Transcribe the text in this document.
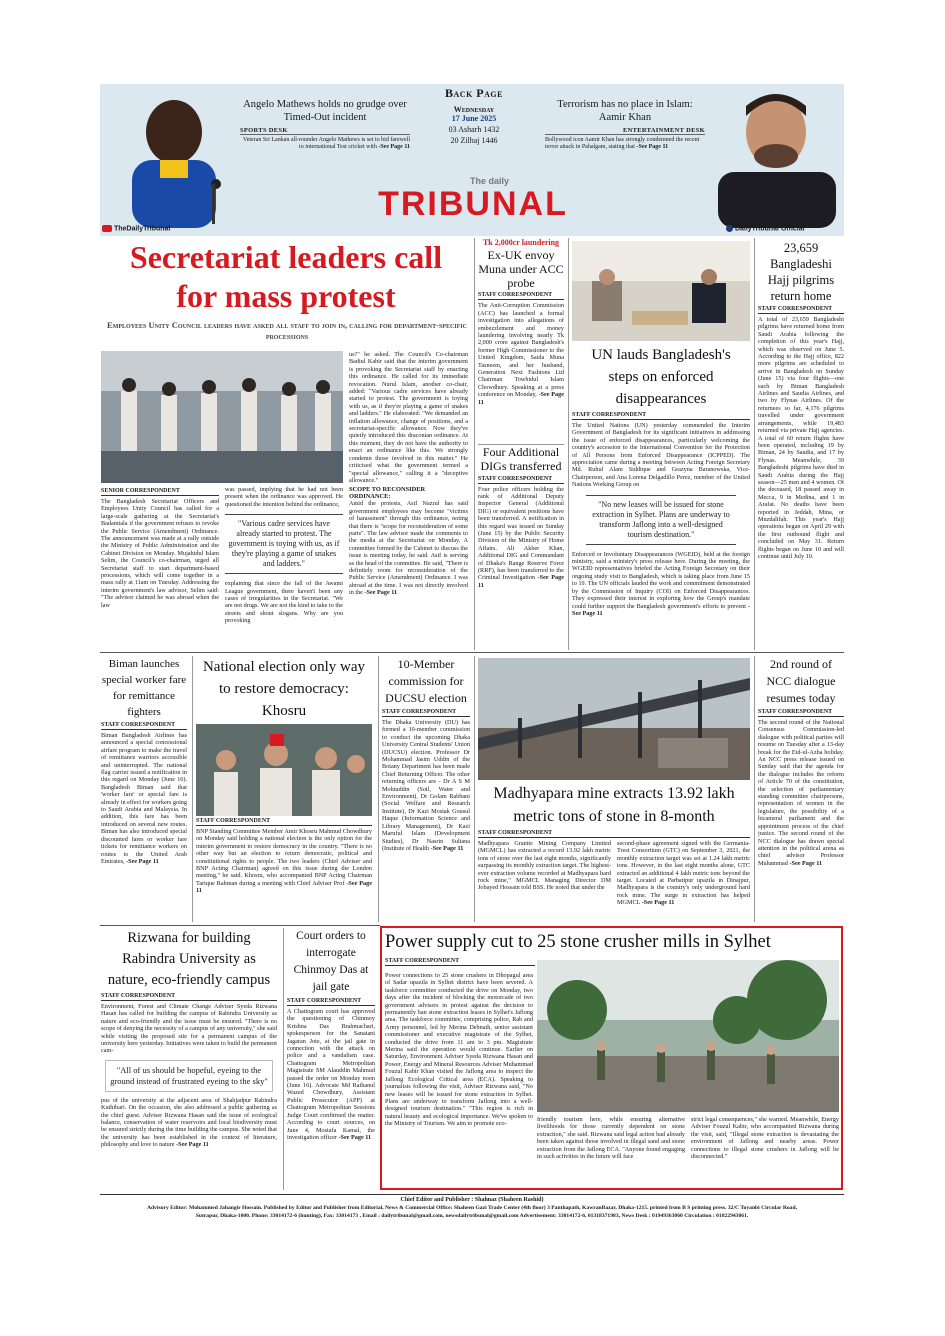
Angelo Mathews holds no grudge over Timed-Out incident
SPORTS DESK
Veteran Sri Lankan all-rounder Angelo Mathews is set to bid farewell to international Test cricket with -See Page 11
Back Page
Wednesday
17 June 2025
03 Asharh 1432
20 Zilhaj 1446
The daily
TRIBUNAL
Terrorism has no place in Islam: Aamir Khan
ENTERTAINMENT DESK
Bollywood icon Aamir Khan has strongly condemned the recent terror attack in Pahalgam, stating that -See Page 11
TheDailyTribunal	DailyTribunal Official
Secretariat leaders call
for mass protest
Employees Unity Council leaders have asked all staff to join in, calling for department-specific processions
SENIOR CORRESPONDENT
The Bangladesh Secretariat Officers and Employees Unity Council has called for a large-scale gathering at the Secretariat's Badamtala if the government refuses to revoke the Public Service (Amendment) Ordinance. The announcement was made at a rally outside the Ministry of Public Administration and the Cabinet Division on Monday. Mujahidul Islam Selim, the Council's co-chairman, urged all Secretariat staff to start department-based processions, which will come together in a mass rally at 11am on Tuesday. Addressing the interim government's law advisor, Selim said: "The advisor claimed he was abroad when the law
was passed, implying that he had not been present when the ordinance was approved. He questioned the intention behind the ordinance,
"Various cadre services have already started to protest. The government is toying with us, as if they're playing a game of snakes and ladders."
explaining that since the fall of the Awami League government, there haven't been any cases of irregularities in the Secretariat. "We are not drugs. We are not the kind to take to the streets and shout slogans. Why are you provoking
us?" he asked. The Council's Co-chairman Badiul Kabir said that the interim government is provoking the Secretariat staff by enacting this ordinance. He called for its immediate revocation. Nurul Islam, another co-chair, added: "Various cadre services have already started to protest. The government is toying with us, as if they're playing a game of snakes and ladders." He elaborated: "We demanded an inflation allowance, change of positions, and a secretariat-specific allowance. Now they've quietly introduced this draconian ordinance. At this moment, they do not have the authority to enact an ordinance like this. We strongly condemn those involved in this matter." He criticised what the government termed a "special allowance," calling it a "deceptive allowance."
SCOPE TO RECONSIDER ORDINANCE:
Amid the protests, Asif Nazrul has said government employees may become "victims of harassment" through this ordinance, noting that there is "scope for reconsideration of some parts". The law advisor made the comments to the media at the Secretariat on Monday. A committee formed by the Cabinet to discuss the issue is meeting today, he said. Asif is serving as the head of the committee. He said, "There is definitely room for reconsideration of the Public Service (Amendment) Ordinance. I was abroad at the time. I was not directly involved in the -See Page 11
Tk 2,000cr laundering
Ex-UK envoy Muna under ACC probe
STAFF CORRESPONDENT
The Anti-Corruption Commission (ACC) has launched a formal investigation into allegations of embezzlement and money laundering involving nearly Tk 2,000 crore against Bangladesh's former High Commissioner to the United Kingdom, Saida Muna Tasneem, and her husband, Generation Next Fashions Ltd Chairman Towhidul Islam Chowdhury. Speaking at a press conference on Monday, -See Page 11
Four Additional DIGs transferred
STAFF CORRESPONDENT
Four police officers holding the rank of Additional Deputy Inspector General (Additional DIG) or equivalent positions have been transferred. A notification in this regard was issued on Sunday (June 15) by the Public Security Division of the Ministry of Home Affairs. Ali Akber Khan, Additional DIG and Commandant of Dhaka's Range Reserve Force (RRF), has been transferred to the Criminal Investigation -See Page 11
UN lauds Bangladesh's steps on enforced disappearances
STAFF CORRESPONDENT
The United Nations (UN) yesterday commended the Interim Government of Bangladesh for its significant initiatives in addressing the issue of enforced disappearances, particularly welcoming the country's accession to the International Convention for the Protection of All Persons from Enforced Disappearance (ICPPED). The appreciation came during a meeting between Acting Foreign Secretary Md. Ruhul Alam Siddique and Grazyna Baranowska, Vice-Chairperson, and Ana Lorena Delgadillo Perez, member of the United Nations Working Group on
"No new leases will be issued for stone extraction in Sylhet. Plans are underway to transform Jaflong into a well-designed tourism destination."
Enforced or Involuntary Disappearances (WGEID), held at the foreign ministry, said a ministry's press release here. During the meeting, the WGEID representatives briefed the Acting Foreign Secretary on their ongoing study visit to Bangladesh, which is taking place from June 15 to 19. The UN officials lauded the work and commitment demonstrated by the Commission of Inquiry (COI) on Enforced Disappearances. They expressed their interest in exploring how the Group's mandate could further support the Bangladesh government's efforts to prevent -See Page 11
23,659 Bangladeshi Hajj pilgrims return home
STAFF CORRESPONDENT
A total of 23,659 Bangladeshi pilgrims have returned home from Saudi Arabia following the completion of this year's Hajj, which was observed on June 5. According to the Hajj office, 822 more pilgrims are scheduled to arrive in Bangladesh on Sunday (June 15) via four flights—one each by Biman Bangladesh Airlines and Saudia Airlines, and two by Flynas Airlines. Of the returnees so far, 4,176 pilgrims travelled under government arrangements, while 19,483 returned via private Hajj agencies. A total of 60 return flights have been operated, including 19 by Biman, 24 by Saudia, and 17 by Flynas. Meanwhile, 39 Bangladeshi pilgrims have died in Saudi Arabia during the Hajj season—25 men and 4 women. Of the deceased, 18 passed away in Mecca, 9 in Medina, and 1 in Arafat. No deaths have been reported in Jeddah, Mina, or Muzdalifah. This year's Hajj operations began on April 29 with the first outbound flight and concluded on May 31. Return flights began on June 10 and will continue until July 10.
Biman launches special worker fare for remittance fighters
STAFF CORRESPONDENT
Biman Bangladesh Airlines has announced a special concessional airfare program to make the travel of remittance warriors accessible and uninterrupted. The national flag carrier issued a notification in this regard on Monday (June 16). Bangladesh Biman said that 'worker fare' or special fare is already in effect for workers going to Saudi Arabia and Malaysia. In addition, this fare has been introduced on several new routes. Biman has also introduced special discounted fares or worker fare tickets for remittance workers on routes to the United Arab Emirates, -See Page 11
National election only way to restore democracy: Khosru
STAFF CORRESPONDENT
BNP Standing Committee Member Amir Khosru Mahmud Chowdhury on Monday said holding a national election is the only option for the interim government to restore democracy in the country. "There is no other way but an election to return democratic, political and constitutional rights to people. The two leaders (Chief Adviser and BNP Acting Chairman) agreed on this issue during the London meeting," he said. Khosru, who accompanied BNP Acting Chairman Tarique Rahman during a meeting with Chief Adviser Prof -See Page 11
10-Member commission for DUCSU election
STAFF CORRESPONDENT
The Dhaka University (DU) has formed a 10-member commission to conduct the upcoming Dhaka University Central Students' Union (DUCSU) election. Professor Dr Mohammad Jasim Uddin of the Botany Department has been made Chief Returning Officer. The other returning officers are - Dr A S M Mohiuddin (Soil, Water and Environment), Dr Golam Rabbani (Social Welfare and Research Institute), Dr Kazi Mostak Gousul Haque (Information Science and Library Management), Dr Kazi Maruful Islam (Development Studies), Dr Nasrin Sultana (Institute of Health -See Page 11
Madhyapara mine extracts 13.92 lakh metric tons of stone in 8-month
STAFF CORRESPONDENT
Madhyapara Granite Mining Company Limited (MGMCL) has extracted a record 13.92 lakh metric tons of stone over the last eight months, significantly surpassing its monthly extraction target. The highest-ever extraction volume recorded at Madhyapara hard rock mine," MGMCL Managing Director DM Jobayed Hossain told BSS. He noted that under the
second-phase agreement signed with the Germania-Trest Consortium (GTC) on September 3, 2021, the monthly extraction target was set at 1.24 lakh metric tons. However, in the last eight months alone, GTC extracted an additional 4 lakh metric tons beyond the target. Located at Parbatipur upazila in Dinajpur, Madhyapara is the country's only underground hard rock mine. The surge in extraction has helped MGMCL -See Page 11
2nd round of NCC dialogue resumes today
STAFF CORRESPONDENT
The second round of the National Consensus Commission-led dialogue with political parties will resume on Tuesday after a 13-day break for the Eid-ul-Azha holiday. An NCC press release issued on Sunday said that the agenda for the dialogue includes the reform of Article 70 of the constitution, the selection of parliamentary standing committee chairpersons, representation of women in the legislature, the possibility of a bicameral parliament and the appointment process of the chief justice. The second round of the NCC dialogue has drawn special attention in the political arena as chief advisor Professor Muhammad -See Page 11
Rizwana for building Rabindra University as nature, eco-friendly campus
STAFF CORRESPONDENT
Environment, Forest and Climate Change Adviser Syeda Rizwana Hasan has called for building the campus of Rabindra University as nature and eco-friendly and the issue must be ensured. "There is no scope of denying the necessity of a campus of any university," she said while visiting the proposed site for a permanent campus of the university here yesterday. Initiatives were taken to build the permanent cam-
"All of us should be hopeful, eyeing to the ground instead of frustrated eyeing to the sky"
pus of the university at the adjacent area of Shahjadpur Rabindra Kuthibari. On the occasion, she also addressed a public gathering as the chief guest. Adviser Rizwana Hasan said the issue of ecological balance, conservation of water reservoirs and local biodiversity must be ensured strictly during the time building the campus. She noted that the university has been established in the context of literature, philosophy and love to nature -See Page 11
Court orders to interrogate Chinmoy Das at jail gate
STAFF CORRESPONDENT
A Chattogram court has approved the questioning of Chinmoy Krishna Das Brahmachari, spokesperson for the Sanatani Jagaran Jote, at the jail gate in connection with the attack on police and a vandalism case. Chattogram Metropolitan Magistrate SM Alauddin Mahmud passed the order on Monday noon (June 16). Advocate Md Raihanul Wazed Chowdhury, Assistant Public Prosecutor (APP) at Chattogram Metropolitan Sessions Judge Court confirmed the matter. According to court sources, on June 4, Mostafa Kamal, the investigation officer -See Page 11
Power supply cut to 25 stone crusher mills in Sylhet
STAFF CORRESPONDENT
Power connections to 25 stone crushers in Dhopagul area of Sadar upazila in Sylhet district have been severed. A taskforce committee conducted the drive on Monday, two days after the incident of blocking the motorcade of two government advisers in protest against the decision to permanently ban stone extraction leases in Sylhet's Jaflong area. The taskforce committee, comprising police, Rab and Army personnel, led by Merina Debnath, senior assistant commissioner and executive magistrate of the Sylhet, conducted the drive from 11 am to 3 pm. Magistrate Merina said the operation would continue. Earlier on Saturday, Environment Adviser Syeda Rizwana Hasan and Power, Energy and Mineral Resources Adviser Muhammad Fouzul Kabir Khan visited the Jaflong area to inspect the Jaflong Ecological Critical area (ECA). Speaking to journalists following the visit, Adviser Rizwana said, "No new leases will be issued for stone extraction in Sylhet. Plans are underway to transform Jaflong into a well-designed tourism destination." "This region is rich in natural beauty and ecological importance. We've spoken to the Ministry of Tourism. We aim to promote eco-
friendly tourism here, while ensuring alternative livelihoods for those currently dependent on stone extraction," she said. Rizwana said legal action had already been taken against those involved in illegal sand and stone extraction from the Jaflong ECA. "Anyone found engaging in such activities in the future will face
strict legal consequences," she warned. Meanwhile, Energy Adviser Fouzul Kabir, who accompanied Rizwana during the visit, said, "Illegal stone extraction is devastating the environment of Jaflong and nearby areas. Power connections to illegal stone crushers in Jaflong will be disconnected."
Chief Editor and Publisher : Shahnaz (Shaheen Rashid)
Advisory Editor: Mohammed Jahangir Hossain. Published by Editor and Publisher from Editorial, News & Commercial Office: Shaheen Gazi Trade Center (4th floor) 3 Panthapath, KawranBazar, Dhaka-1215. printed from B S printing press. 32/C Toyanbi Circular Road,
Sutrapur, Dhaka-1000. Phone: 33014172-6 (hunting), Fax: 33014173 , Email : dailytribunal@gmail.com, newsdailytribunal@gmail.com Advertisement: 33014172-6, 01318371983, News Desk : 01949363060 Circulation : 01822943061.
